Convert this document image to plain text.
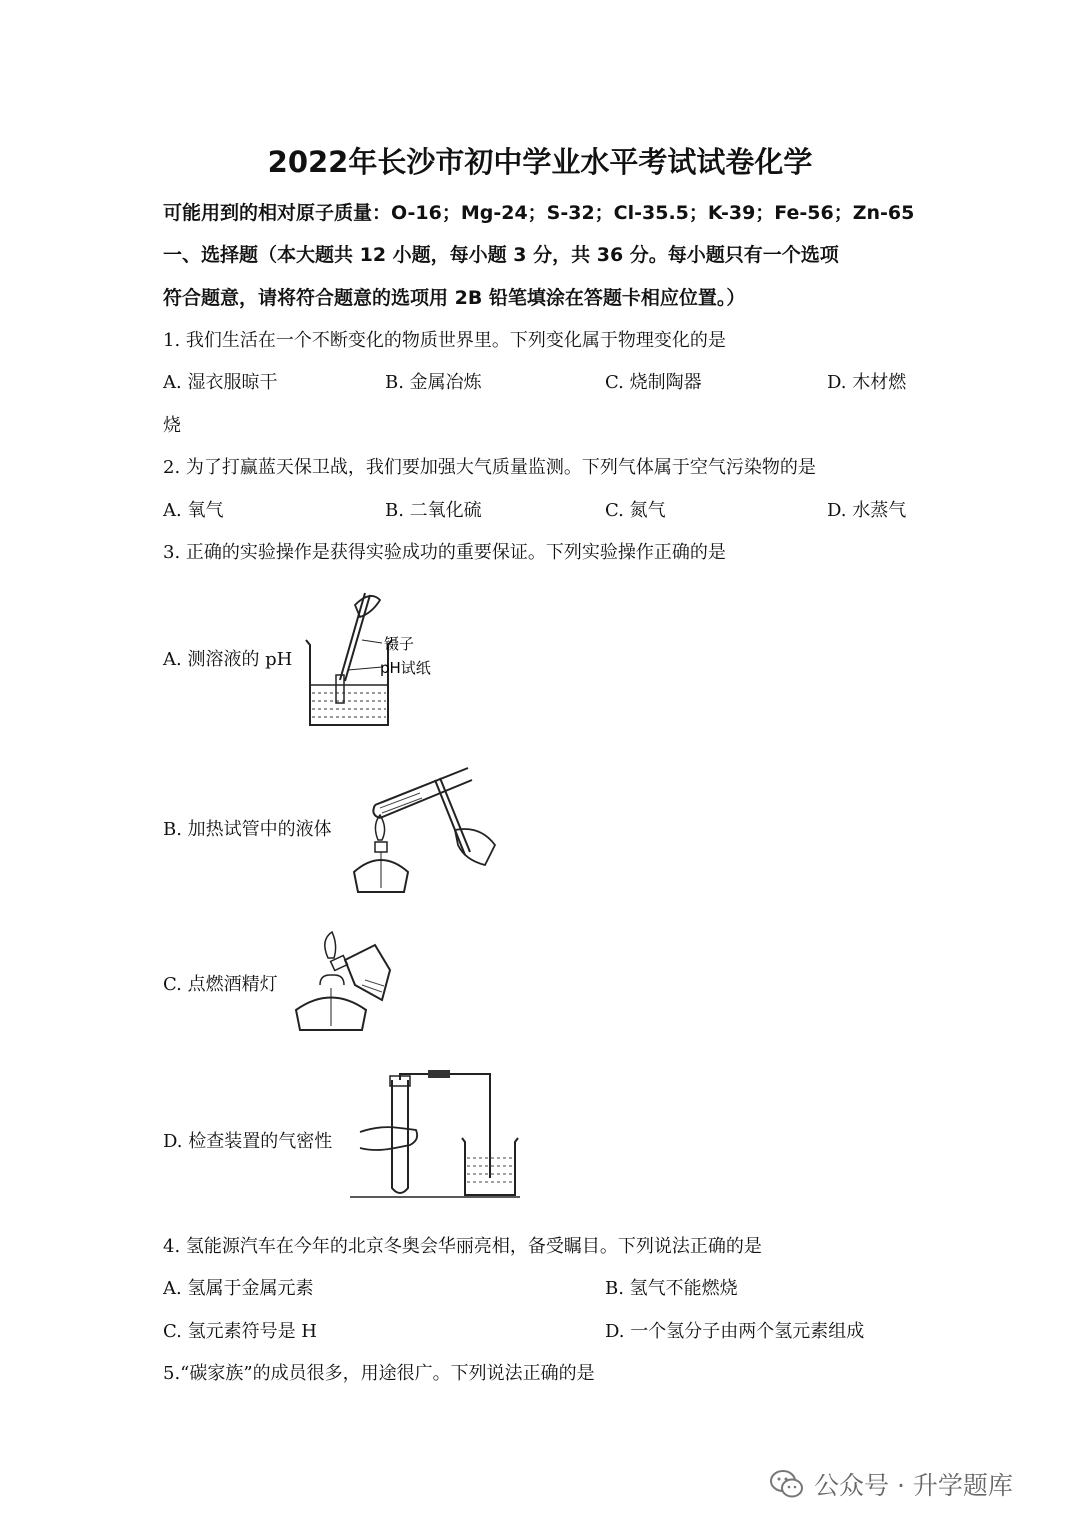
2022年长沙市初中学业水平考试试卷化学
可能用到的相对原子质量：O-16；Mg-24；S-32；Cl-35.5；K-39；Fe-56；Zn-65
一、选择题（本大题共 12 小题，每小题 3 分，共 36 分。每小题只有一个选项
符合题意，请将符合题意的选项用 2B 铅笔填涂在答题卡相应位置。）
1. 我们生活在一个不断变化的物质世界里。下列变化属于物理变化的是
A. 湿衣服晾干	B. 金属冶炼	C. 烧制陶器	D. 木材燃
烧
2. 为了打赢蓝天保卫战，我们要加强大气质量监测。下列气体属于空气污染物的是
A. 氧气	B. 二氧化硫	C. 氮气	D. 水蒸气
3. 正确的实验操作是获得实验成功的重要保证。下列实验操作正确的是
A. 测溶液的 pH
镊子
pH试纸
B. 加热试管中的液体
C. 点燃酒精灯
D. 检查装置的气密性
4. 氢能源汽车在今年的北京冬奥会华丽亮相，备受瞩目。下列说法正确的是
A. 氢属于金属元素	B. 氢气不能燃烧
C. 氢元素符号是 H	D. 一个氢分子由两个氢元素组成
5.“碳家族”的成员很多，用途很广。下列说法正确的是
公众号 · 升学题库
